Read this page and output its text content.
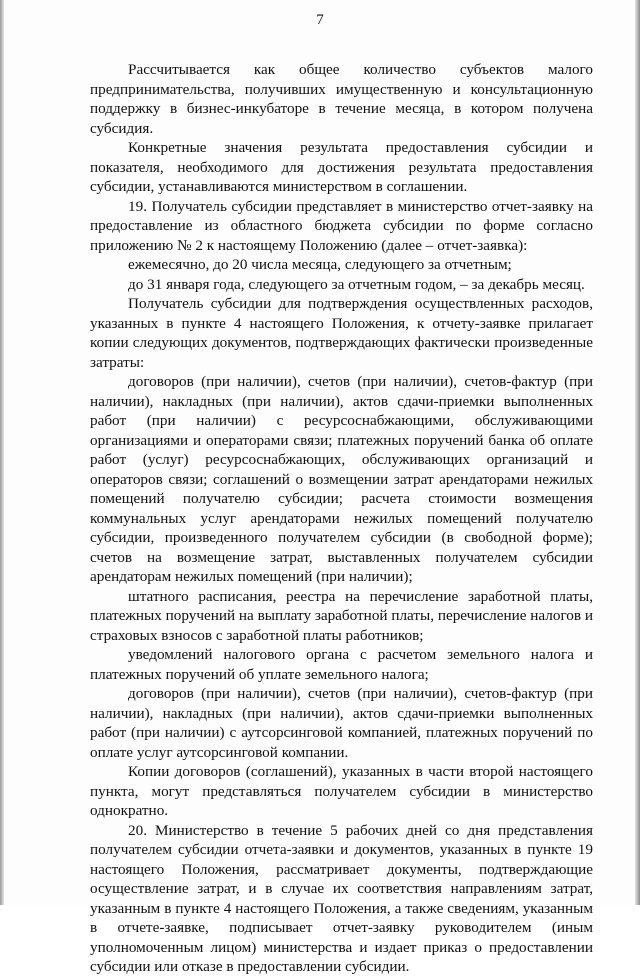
7

Рассчитывается как общее количество субъектов малого предпринимательства, получивших имущественную и консультационную поддержку в бизнес-инкубаторе в течение месяца, в котором получена субсидия.

Конкретные значения результата предоставления субсидии и показателя, необходимого для достижения результата предоставления субсидии, устанавливаются министерством в соглашении.

19. Получатель субсидии представляет в министерство отчет-заявку на предоставление из областного бюджета субсидии по форме согласно приложению № 2 к настоящему Положению (далее – отчет-заявка):

ежемесячно, до 20 числа месяца, следующего за отчетным;

до 31 января года, следующего за отчетным годом, – за декабрь месяц.

Получатель субсидии для подтверждения осуществленных расходов, указанных в пункте 4 настоящего Положения, к отчету-заявке прилагает копии следующих документов, подтверждающих фактически произведенные затраты:

договоров (при наличии), счетов (при наличии), счетов-фактур (при наличии), накладных (при наличии), актов сдачи-приемки выполненных работ (при наличии) с ресурсоснабжающими, обслуживающими организациями и операторами связи; платежных поручений банка об оплате работ (услуг) ресурсоснабжающих, обслуживающих организаций и операторов связи; соглашений о возмещении затрат арендаторами нежилых помещений получателю субсидии; расчета стоимости возмещения коммунальных услуг арендаторами нежилых помещений получателю субсидии, произведенного получателем субсидии (в свободной форме); счетов на возмещение затрат, выставленных получателем субсидии арендаторам нежилых помещений (при наличии);

штатного расписания, реестра на перечисление заработной платы, платежных поручений на выплату заработной платы, перечисление налогов и страховых взносов с заработной платы работников;

уведомлений налогового органа с расчетом земельного налога и платежных поручений об уплате земельного налога;

договоров (при наличии), счетов (при наличии), счетов-фактур (при наличии), накладных (при наличии), актов сдачи-приемки выполненных работ (при наличии) с аутсорсинговой компанией, платежных поручений по оплате услуг аутсорсинговой компании.

Копии договоров (соглашений), указанных в части второй настоящего пункта, могут представляться получателем субсидии в министерство однократно.

20. Министерство в течение 5 рабочих дней со дня представления получателем субсидии отчета-заявки и документов, указанных в пункте 19 настоящего Положения, рассматривает документы, подтверждающие осуществление затрат, и в случае их соответствия направлениям затрат, указанным в пункте 4 настоящего Положения, а также сведениям, указанным в отчете-заявке, подписывает отчет-заявку руководителем (иным уполномоченным лицом) министерства и издает приказ о предоставлении субсидии или отказе в предоставлении субсидии.
